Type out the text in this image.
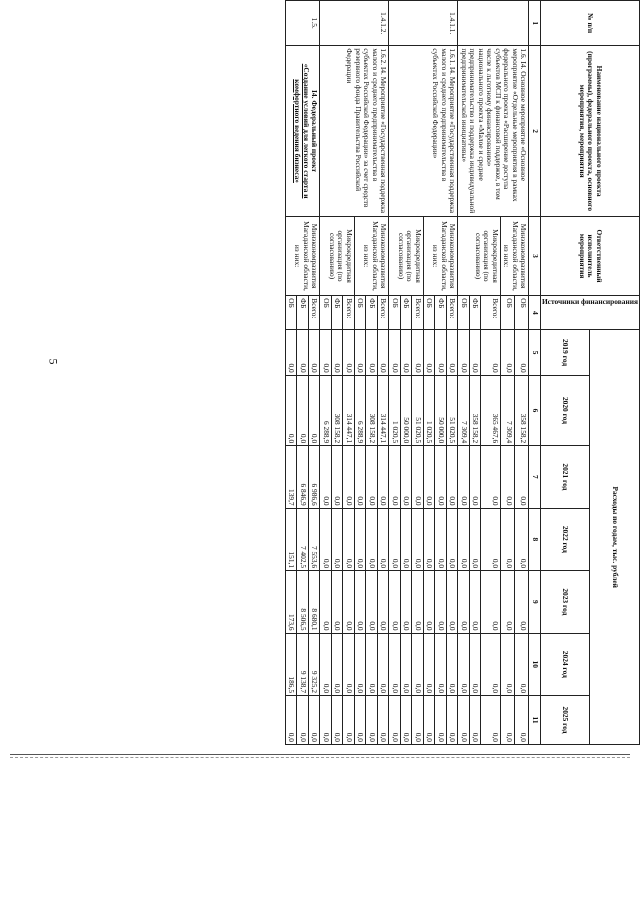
5
№ п/п	Наименование национального проекта (программы), федерального проекта, основного мероприятия, мероприятия	Ответственный исполнитель мероприятия	Источники финансирования	Расходы по годам, тыс. рублей						
				2019 год	2020 год	2021 год	2022 год	2023 год	2024 год	2025 год
1	2	3	4	5	6	7	8	9	10	11

	1.6. I4. Основное мероприятие «Основное мероприятие «Отдельные мероприятия в рамках федерального проекта «Расширение доступа субъектов МСП к финансовой поддержке, в том числе к льготному финансированию» национального проекта «Малое и среднее предпринимательство и поддержка индивидуальной предпринимательской инициативы»	Минэкономразвития Магаданской области, из них:	ОБ	0,0	358 158,2	0,0	0,0	0,0	0,0	0,0
			ОБ	0,0	7 309,4	0,0	0,0	0,0	0,0	0,0
		Микрокредитная организация (по согласованию)	Всего:	0,0	365 467,6	0,0	0,0	0,0	0,0	0,0
			ФБ	0,0	358 158,2	0,0	0,0	0,0	0,0	0,0
			ОБ	0,0	7 309,4	0,0	0,0	0,0	0,0	0,0
1.4.1.1.	1.6.1. I4. Мероприятие «Государственная поддержка малого и среднего предпринимательства в субъектах Российской Федерации»	Минэкономразвития Магаданской области, из них:	Всего:	0,0	51 020,5	0,0	0,0	0,0	0,0	0,0
			ФБ	0,0	50 000,0	0,0	0,0	0,0	0,0	0,0
			ОБ	0,0	1 020,5	0,0	0,0	0,0	0,0	0,0
		Микрокредитная организация (по согласованию)	Всего:	0,0	51 020,5	0,0	0,0	0,0	0,0	0,0
			ФБ	0,0	50 000,0	0,0	0,0	0,0	0,0	0,0
			ОБ	0,0	1 020,5	0,0	0,0	0,0	0,0	0,0
1.4.1.2.	1.6.2. I4. Мероприятие «Государственная поддержка малого и среднего предпринимательства в субъектах Российской Федерации» за счет средств резервного фонда Правительства Российской Федерации	Минэкономразвития Магаданской области, из них:	Всего:	0,0	314 447,1	0,0	0,0	0,0	0,0	0,0
			ФБ	0,0	308 158,2	0,0	0,0	0,0	0,0	0,0
			ОБ	0,0	6 288,9	0,0	0,0	0,0	0,0	0,0
		Микрокредитная организация (по согласованию)	Всего:	0,0	314 447,1	0,0	0,0	0,0	0,0	0,0
			ФБ	0,0	308 158,2	0,0	0,0	0,0	0,0	0,0
			ОБ	0,0	6 288,9	0,0	0,0	0,0	0,0	0,0
1.5.	I4. Федеральный проект
«Создание условий для легкого старта и комфортного ведения бизнеса»	Минэкономразвития Магаданской области, из них:	Всего:	0,0	0,0	6 986,6	7 553,6	8 680,1	9 325,2	0,0
			ФБ	0,0	0,0	6 846,9	7 402,5	8 506,5	9 138,7	0,0
			ОБ	0,0	0,0	139,7	151,1	173,6	186,5	0,0
